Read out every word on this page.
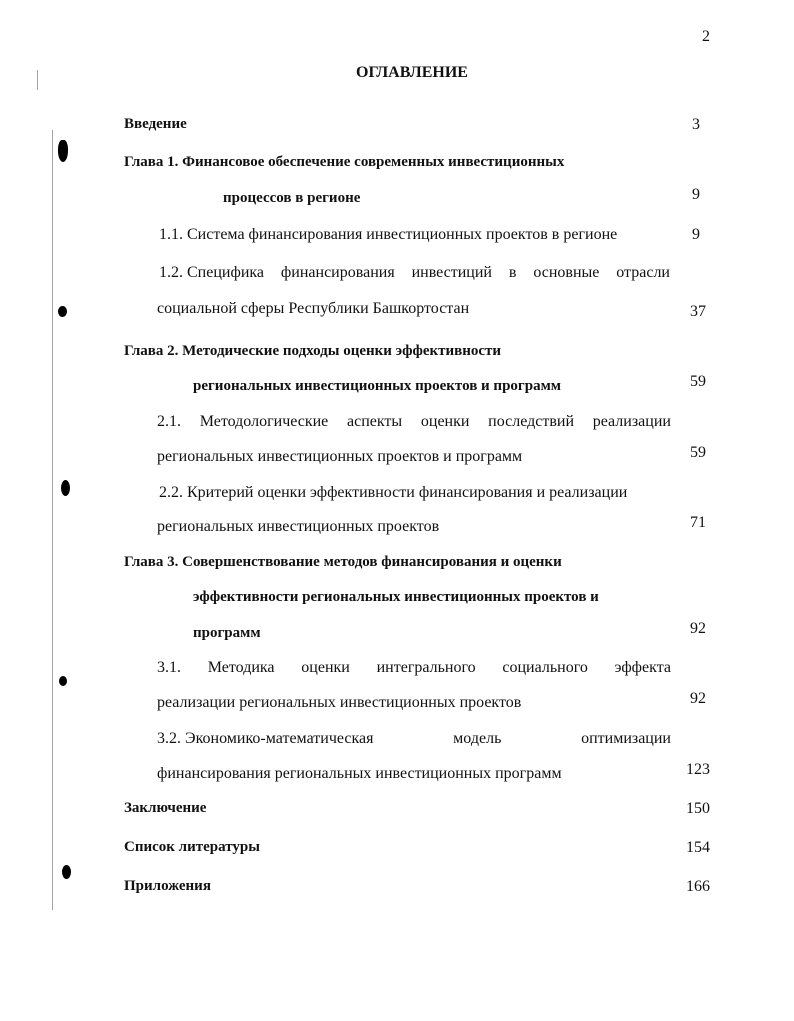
2
ОГЛАВЛЕНИЕ
Введение	3
Глава 1. Финансовое обеспечение современных инвестиционных
процессов в регионе	9
1.1. Система финансирования инвестиционных проектов в регионе	9
1.2. Специфика финансирования инвестиций в основные отрасли
социальной сферы Республики Башкортостан	37
Глава 2. Методические подходы оценки эффективности
региональных инвестиционных проектов и программ	59
2.1. Методологические аспекты оценки последствий реализации
региональных инвестиционных проектов и программ	59
2.2. Критерий оценки эффективности финансирования и реализации
региональных инвестиционных проектов	71
Глава 3. Совершенствование методов финансирования и оценки
эффективности региональных инвестиционных проектов и
программ	92
3.1. Методика оценки интегрального социального эффекта
реализации региональных инвестиционных проектов	92
3.2. Экономико-математическая	модель	оптимизации
финансирования региональных инвестиционных программ	123
Заключение	150
Список литературы	154
Приложения	166
